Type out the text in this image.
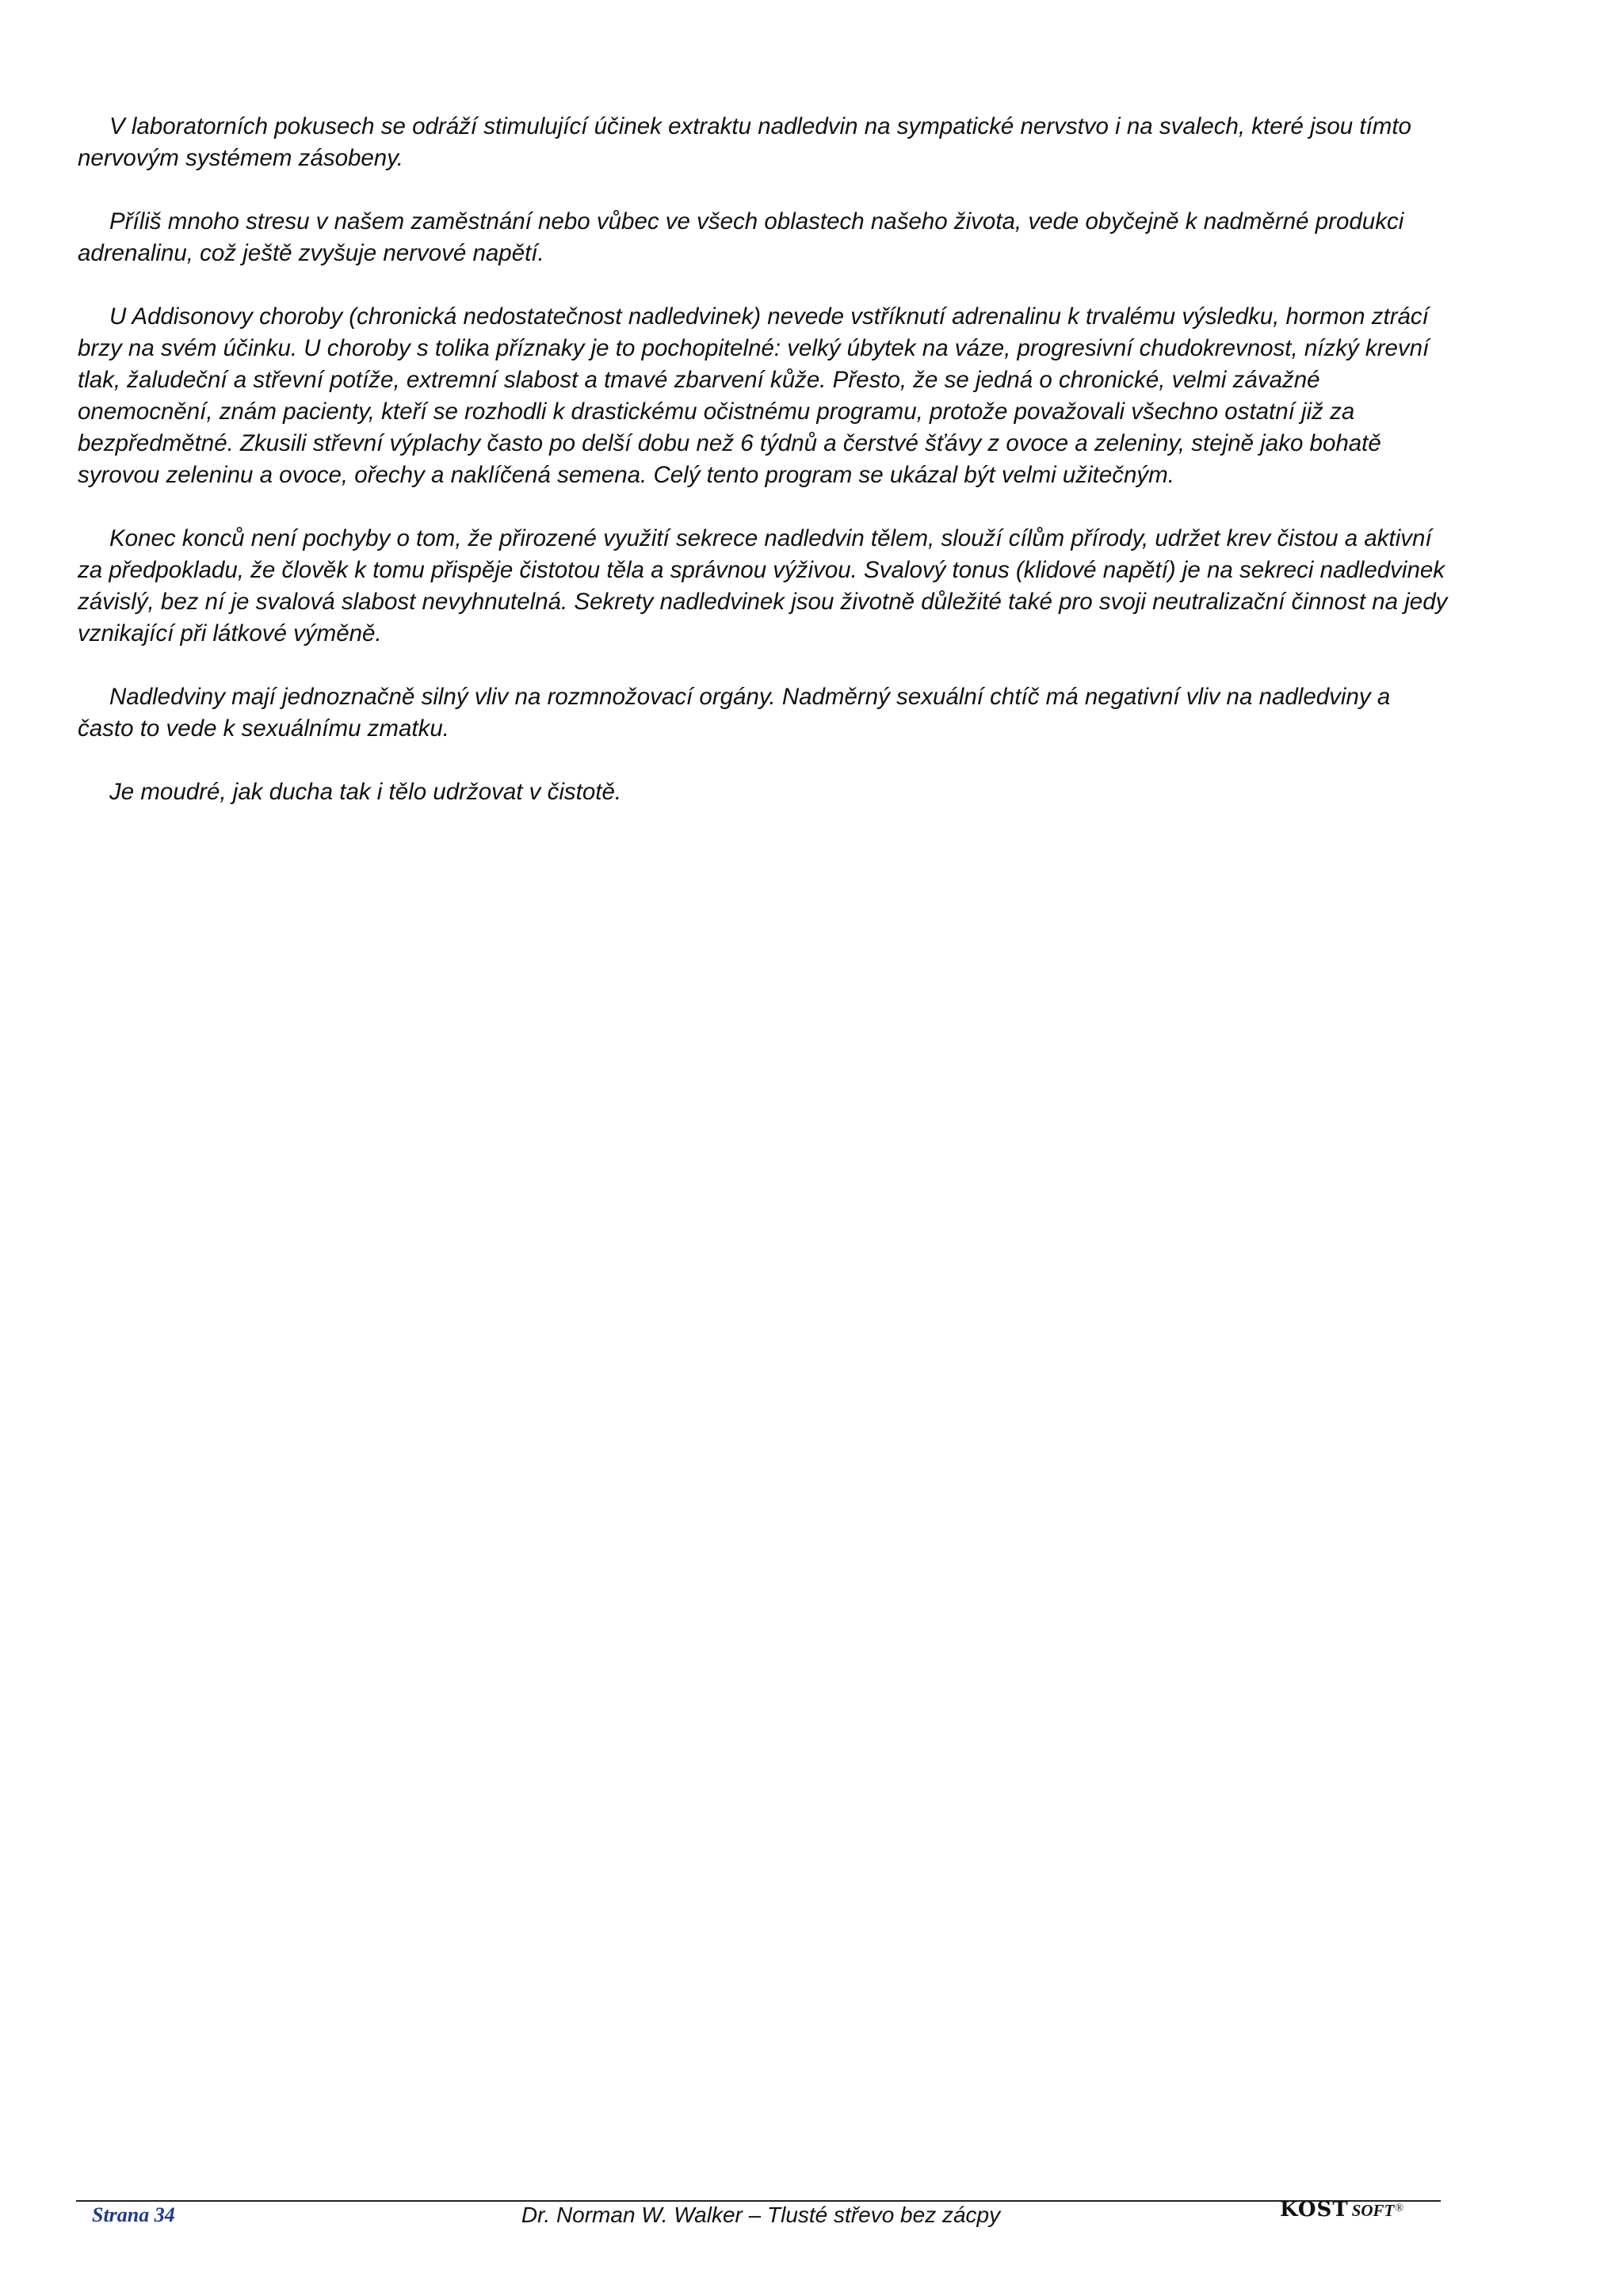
V laboratorních pokusech se odráží stimulující účinek extraktu nadledvin na sympatické nervstvo i na svalech, které jsou tímto nervovým systémem zásobeny.

Příliš mnoho stresu v našem zaměstnání nebo vůbec ve všech oblastech našeho života, vede obyčejně k nadměrné produkci adrenalinu, což ještě zvyšuje nervové napětí.

U Addisonovy choroby (chronická nedostatečnost nadledvinek) nevede vstříknutí adrenalinu k trvalému výsledku, hormon ztrácí brzy na svém účinku. U choroby s tolika příznaky je to pochopitelné: velký úbytek na váze, progresivní chudokrevnost, nízký krevní tlak, žaludeční a střevní potíže, extremní slabost a tmavé zbarvení kůže. Přesto, že se jedná o chronické, velmi závažné onemocnění, znám pacienty, kteří se rozhodli k drastickému očistnému programu, protože považovali všechno ostatní již za bezpředmětné. Zkusili střevní výplachy často po delší dobu než 6 týdnů a čerstvé šťávy z ovoce a zeleniny, stejně jako bohatě syrovou zeleninu a ovoce, ořechy a naklíčená semena. Celý tento program se ukázal být velmi užitečným.

Konec konců není pochyby o tom, že přirozené využití sekrece nadledvin tělem, slouží cílům přírody, udržet krev čistou a aktivní za předpokladu, že člověk k tomu přispěje čistotou těla a správnou výživou. Svalový tonus (klidové napětí) je na sekreci nadledvinek závislý, bez ní je svalová slabost nevyhnutelná. Sekrety nadledvinek jsou životně důležité také pro svoji neutralizační činnost na jedy vznikající při látkové výměně.

Nadledviny mají jednoznačně silný vliv na rozmnožovací orgány. Nadměrný sexuální chtíč má negativní vliv na nadledviny a často to vede k sexuálnímu zmatku.

Je moudré, jak ducha tak i tělo udržovat v čistotě.

Strana 34	Dr. Norman W. Walker – Tlusté střevo bez zácpy	KOST SOFT®
